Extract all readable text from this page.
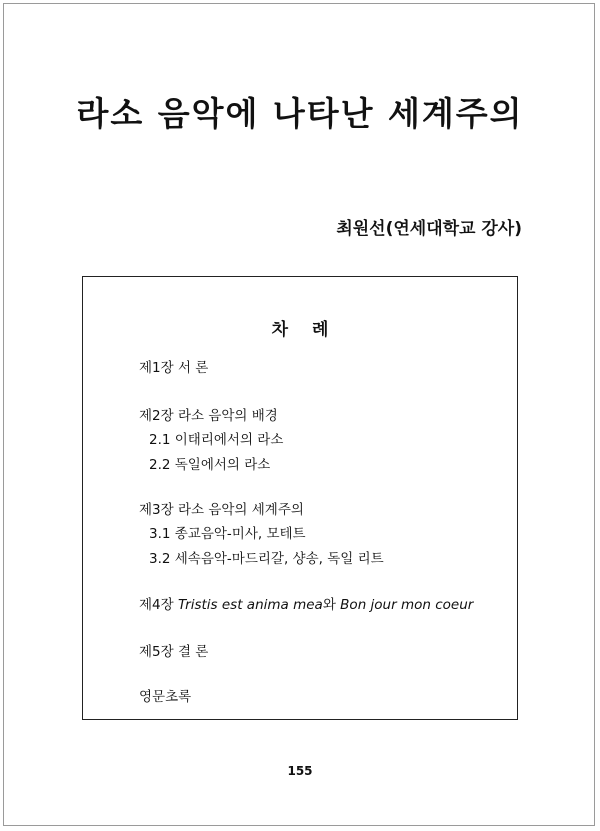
라소 음악에 나타난 세계주의
최원선(연세대학교 강사)
차 례
제1장 서 론
제2장 라소 음악의 배경
2.1 이태리에서의 라소
2.2 독일에서의 라소
제3장 라소 음악의 세계주의
3.1 종교음악-미사, 모테트
3.2 세속음악-마드리갈, 샹송, 독일 리트
제4장 Tristis est anima mea와 Bon jour mon coeur
제5장 결 론
영문초록
155
